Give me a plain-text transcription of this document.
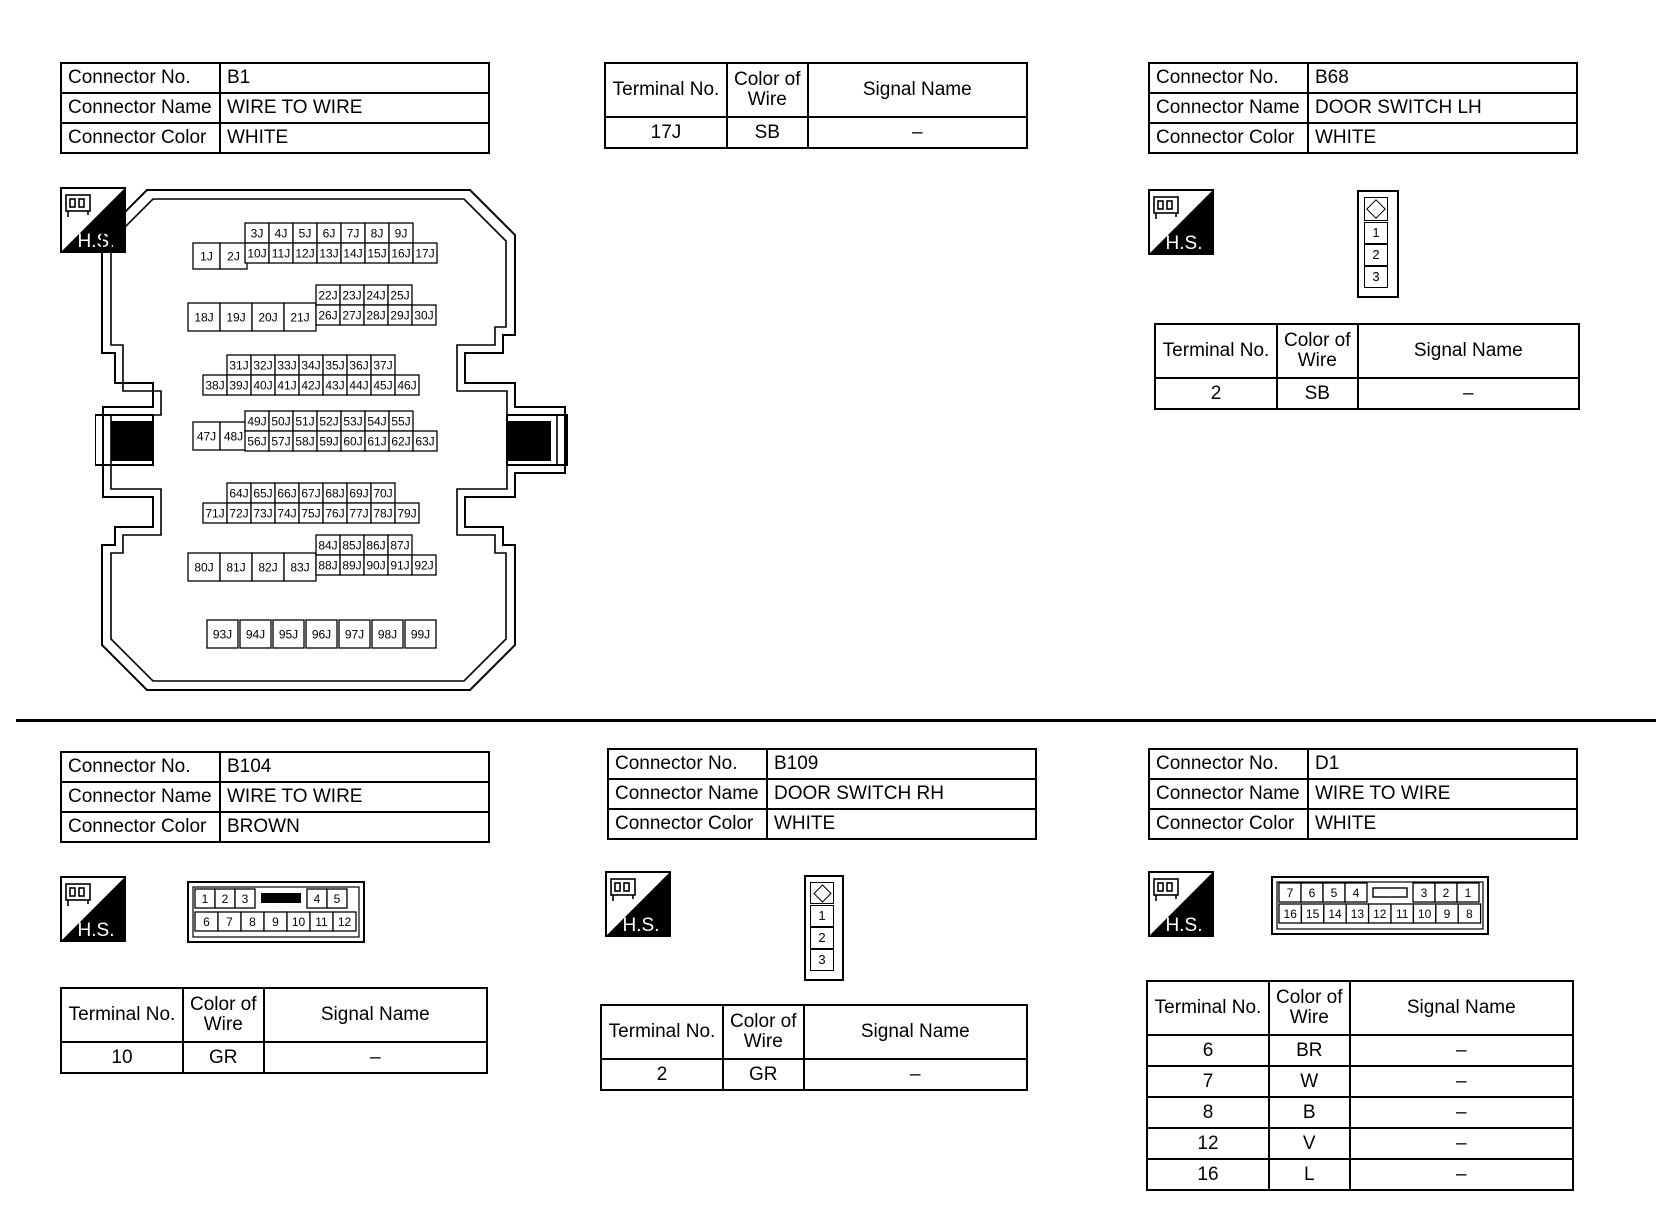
Connector No.	B1
Connector Name	WIRE TO WIRE
Connector Color	WHITE
Terminal No.	Color of
Wire	Signal Name
17J	SB	–
Connector No.	B68
Connector Name	DOOR SWITCH LH
Connector Color	WHITE
H.S.	H.S.
H.S.	H.S.	H.S.
1J 2J
3J 4J 5J 6J 7J 8J 9J
10J 11J 12J 13J 14J 15J 16J 17J
18J 19J 20J 21J
22J 23J 24J 25J
26J 27J 28J 29J 30J
31J 32J 33J 34J 35J 36J 37J
38J 39J 40J 41J 42J 43J 44J 45J 46J
47J 48J
49J 50J 51J 52J 53J 54J 55J
56J 57J 58J 59J 60J 61J 62J 63J
64J 65J 66J 67J 68J 69J 70J
71J 72J 73J 74J 75J 76J 77J 78J 79J
80J 81J 82J 83J
84J 85J 86J 87J
88J 89J 90J 91J 92J
93J 94J 95J 96J 97J 98J 99J
1
2
3
Terminal No.	Color of
Wire	Signal Name
2	SB	–
Connector No.	B104
Connector Name	WIRE TO WIRE
Connector Color	BROWN
1 2 3	4 5
6 7 8 9 10 11 12
Terminal No.	Color of
Wire	Signal Name
10	GR	–
Connector No.	B109
Connector Name	DOOR SWITCH RH
Connector Color	WHITE
1
2
3
Terminal No.	Color of
Wire	Signal Name
2	GR	–
Connector No.	D1
Connector Name	WIRE TO WIRE
Connector Color	WHITE
7 6 5 4	3 2 1
16 15 14 13 12 11 10 9 8
Terminal No.	Color of
Wire	Signal Name
6	BR	–
7	W	–
8	B	–
12	V	–
16	L	–
